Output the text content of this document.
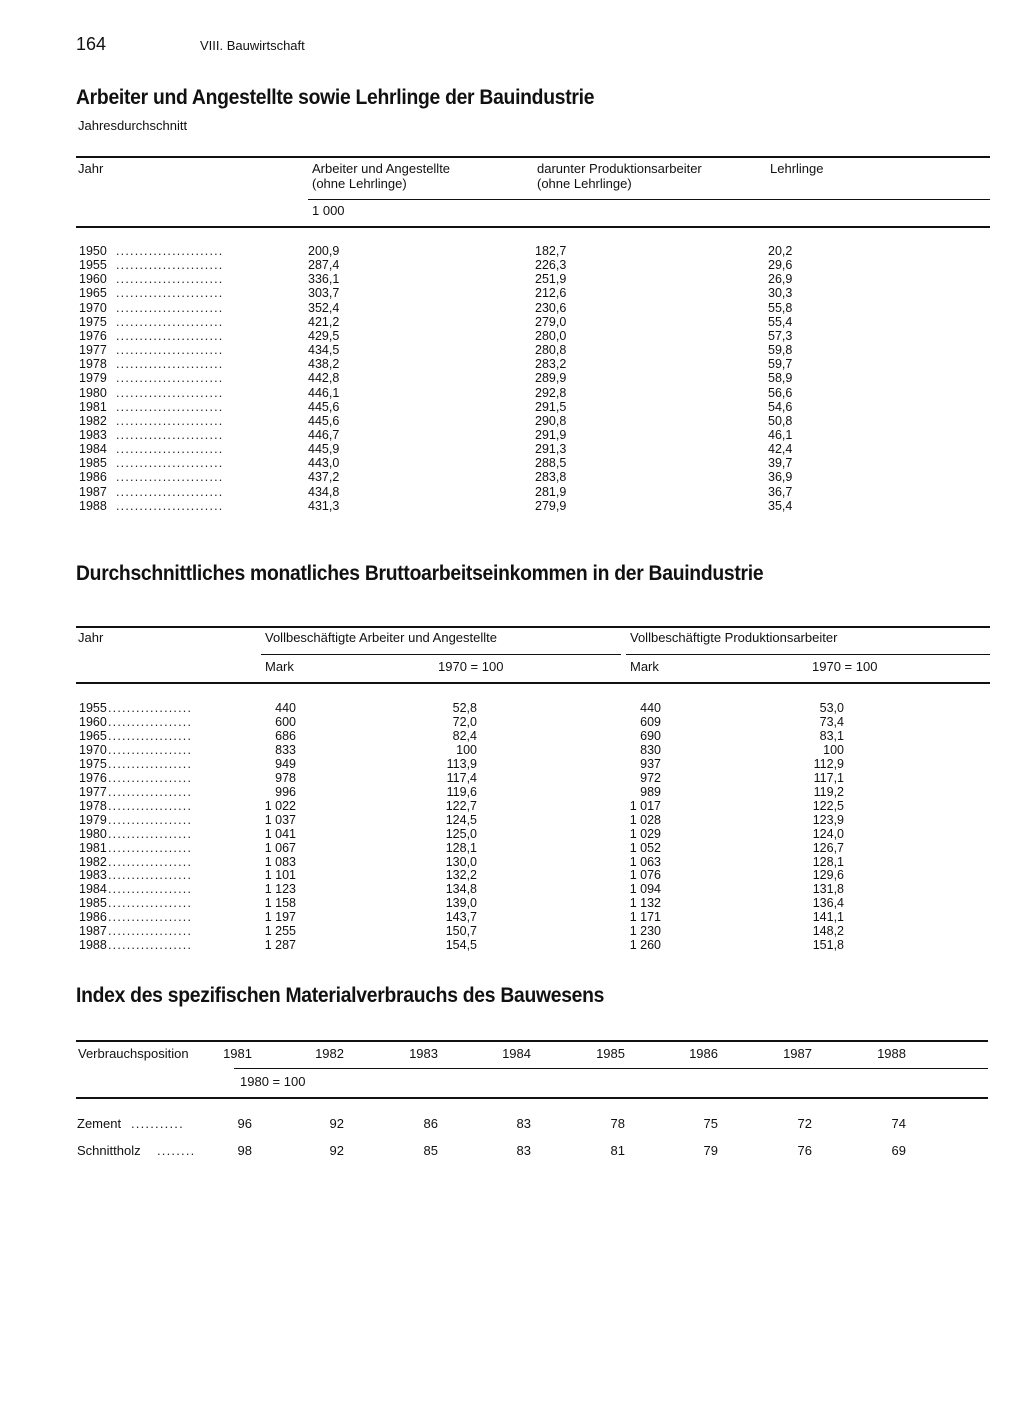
164	VIII. Bauwirtschaft
Arbeiter und Angestellte sowie Lehrlinge der Bauindustrie
Jahresdurchschnitt
Jahr	Arbeiter und Angestellte
(ohne Lehrlinge)
darunter Produktionsarbeiter
(ohne Lehrlinge)
Lehrlinge
1 000
1950 .......................	200,9	182,7	20,2
1955 .......................	287,4	226,3	29,6
1960 .......................	336,1	251,9	26,9
1965 .......................	303,7	212,6	30,3
1970 .......................	352,4	230,6	55,8
1975 .......................	421,2	279,0	55,4
1976 .......................	429,5	280,0	57,3
1977 .......................	434,5	280,8	59,8
1978 .......................	438,2	283,2	59,7
1979 .......................	442,8	289,9	58,9
1980 .......................	446,1	292,8	56,6
1981 .......................	445,6	291,5	54,6
1982 .......................	445,6	290,8	50,8
1983 .......................	446,7	291,9	46,1
1984 .......................	445,9	291,3	42,4
1985 .......................	443,0	288,5	39,7
1986 .......................	437,2	283,8	36,9
1987 .......................	434,8	281,9	36,7
1988 .......................	431,3	279,9	35,4
Durchschnittliches monatliches Bruttoarbeitseinkommen in der Bauindustrie
Jahr	Vollbeschäftigte Arbeiter und Angestellte	Vollbeschäftigte Produktionsarbeiter
Mark	1970 = 100	Mark	1970 = 100
1955 ..................	440	52,8	440	53,0
1960 ..................	600	72,0	609	73,4
1965 ..................	686	82,4	690	83,1
1970 ..................	833	100	830	100
1975 ..................	949	113,9	937	112,9
1976 ..................	978	117,4	972	117,1
1977 ..................	996	119,6	989	119,2
1978 ..................	1 022	122,7	1 017	122,5
1979 ..................	1 037	124,5	1 028	123,9
1980 ..................	1 041	125,0	1 029	124,0
1981 ..................	1 067	128,1	1 052	126,7
1982 ..................	1 083	130,0	1 063	128,1
1983 ..................	1 101	132,2	1 076	129,6
1984 ..................	1 123	134,8	1 094	131,8
1985 ..................	1 158	139,0	1 132	136,4
1986 ..................	1 197	143,7	1 171	141,1
1987 ..................	1 255	150,7	1 230	148,2
1988 ..................	1 287	154,5	1 260	151,8
Index des spezifischen Materialverbrauchs des Bauwesens
Verbrauchsposition	1981	1982	1983	1984	1985	1986	1987	1988
1980 = 100
Zement ...........	96	92	86	83	78	75	72	74
Schnittholz ........	98	92	85	83	81	79	76	69
